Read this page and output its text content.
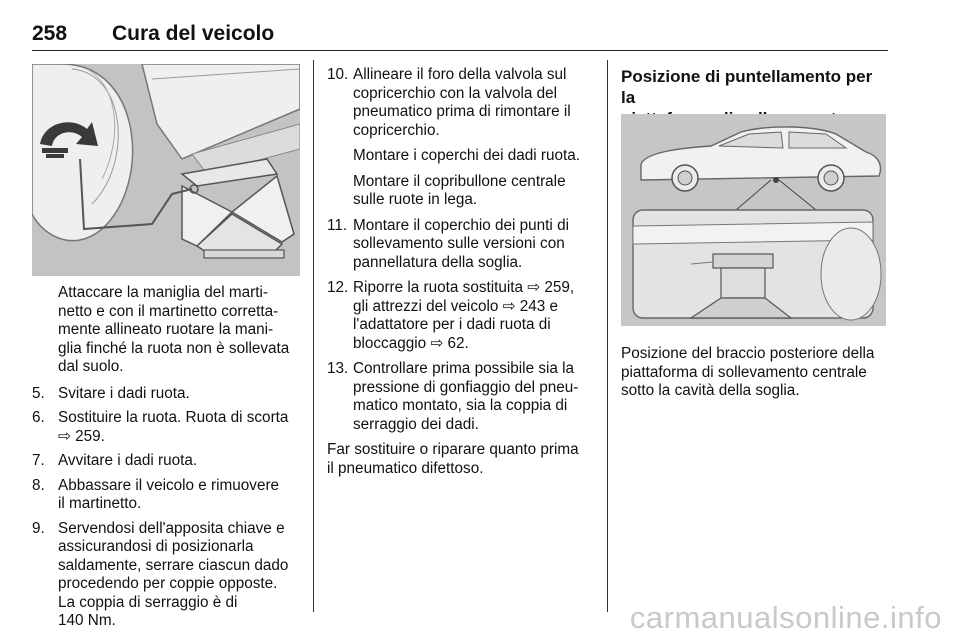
258 Cura del veicolo

Attaccare la maniglia del marti-
netto e con il martinetto corretta-
mente allineato ruotare la mani-
glia finché la ruota non è sollevata
dal suolo.

5. Svitare i dadi ruota.
6. Sostituire la ruota. Ruota di scorta
⇨ 259.
7. Avvitare i dadi ruota.
8. Abbassare il veicolo e rimuovere
il martinetto.
9. Servendosi dell'apposita chiave e
assicurandosi di posizionarla
saldamente, serrare ciascun dado
procedendo per coppie opposte.
La coppia di serraggio è di
140 Nm.
10. Allineare il foro della valvola sul
copricerchio con la valvola del
pneumatico prima di rimontare il
copricerchio.
Montare i coperchi dei dadi ruota.
Montare il copribullone centrale
sulle ruote in lega.
11. Montare il coperchio dei punti di
sollevamento sulle versioni con
pannellatura della soglia.
12. Riporre la ruota sostituita ⇨ 259,
gli attrezzi del veicolo ⇨ 243 e
l'adattatore per i dadi ruota di
bloccaggio ⇨ 62.
13. Controllare prima possibile sia la
pressione di gonfiaggio del pneu-
matico montato, sia la coppia di
serraggio dei dadi.

Far sostituire o riparare quanto prima
il pneumatico difettoso.

Posizione di puntellamento per la

Posizione del braccio posteriore della
piattaforma di sollevamento centrale
sotto la cavità della soglia.
carmanualsonline.info
